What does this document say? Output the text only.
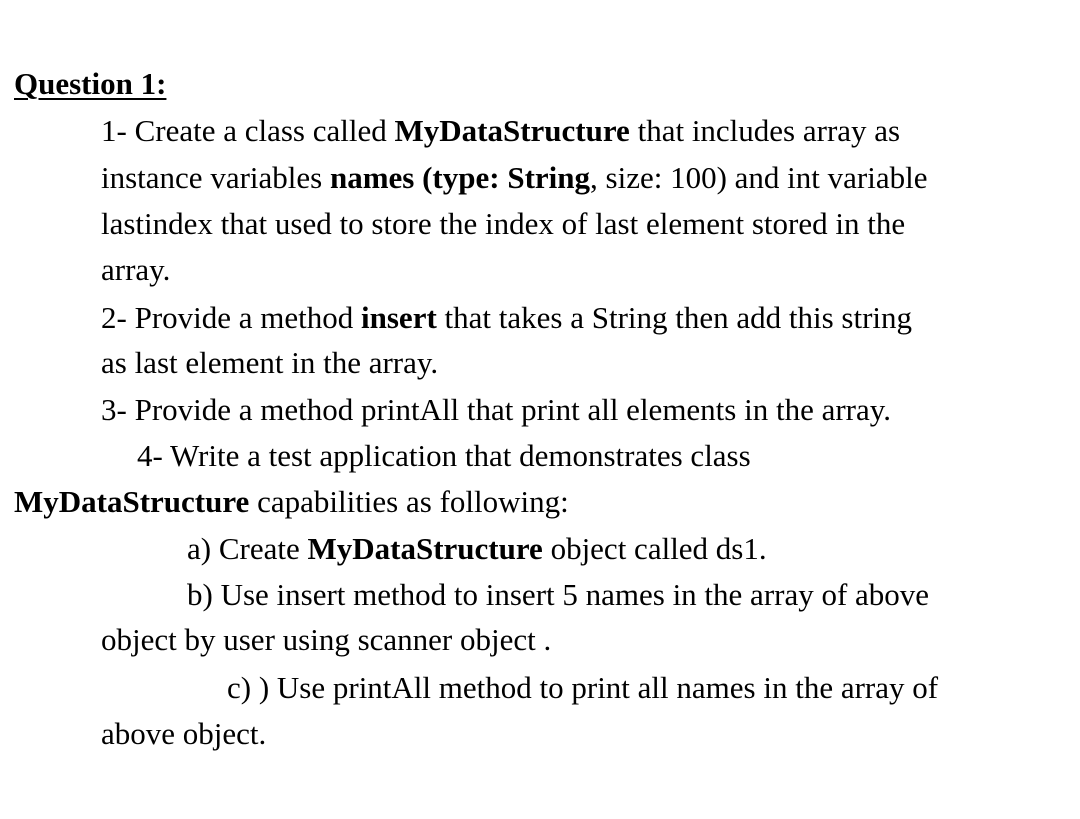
Question 1:
1- Create a class called MyDataStructure that includes array as
instance variables names (type: String, size: 100) and int variable
lastindex that used to store the index of last element stored in the
array.
2- Provide a method insert that takes a String then add this string
as last element in the array.
3- Provide a method printAll that print all elements in the array.
4- Write a test application that demonstrates class
MyDataStructure capabilities as following:
a) Create MyDataStructure object called ds1.
b) Use insert method to insert 5 names in the array of above
object by user using scanner object .
c) ) Use printAll method to print all names in the array of
above object.
